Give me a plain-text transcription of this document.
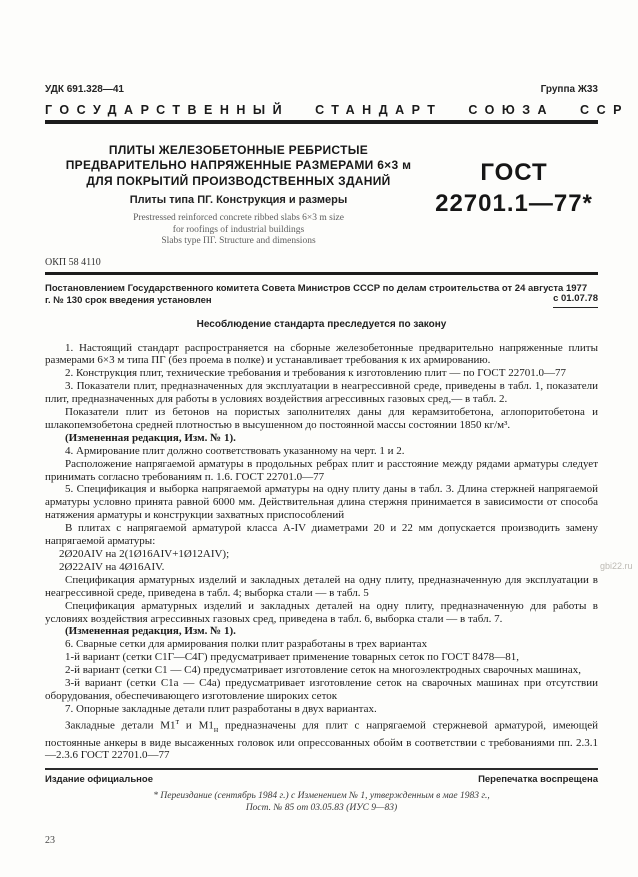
УДК 691.328—41	Группа Ж33
ГОСУДАРСТВЕННЫЙ СТАНДАРТ СОЮЗА ССР
ПЛИТЫ ЖЕЛЕЗОБЕТОННЫЕ РЕБРИСТЫЕ
ПРЕДВАРИТЕЛЬНО НАПРЯЖЕННЫЕ РАЗМЕРАМИ 6×3 м
ДЛЯ ПОКРЫТИЙ ПРОИЗВОДСТВЕННЫХ ЗДАНИЙ
Плиты типа ПГ. Конструкция и размеры
Prestressed reinforced concrete ribbed slabs 6×3 m size
for roofings of industrial buildings
Slabs type ПГ. Structure and dimensions
ГОСТ
22701.1—77*
ОКП 58 4110
Постановлением Государственного комитета Совета Министров СССР по делам строительства от 24 августа 1977 г. № 130 срок введения установлен	с 01.07.78
Несоблюдение стандарта преследуется по закону

1. Настоящий стандарт распространяется на сборные железобетонные предварительно напряженные плиты размерами 6×3 м типа ПГ (без проема в полке) и устанавливает требования к их армированию.

2. Конструкция плит, технические требования и требования к изготовлению плит — по ГОСТ 22701.0—77

3. Показатели плит, предназначенных для эксплуатации в неагрессивной среде, приведены в табл. 1, показатели плит, предназначенных для работы в условиях воздействия агрессивных газовых сред,— в табл. 2.

Показатели плит из бетонов на пористых заполнителях даны для керамзитобетона, аглопоритобетона и шлакопемзобетона средней плотностью в высушенном до постоянной массы состоянии 1850 кг/м³.

(Измененная редакция, Изм. № 1).

4. Армирование плит должно соответствовать указанному на черт. 1 и 2.

Расположение напрягаемой арматуры в продольных ребрах плит и расстояние между рядами арматуры следует принимать согласно требованиям п. 1.6. ГОСТ 22701.0—77

5. Спецификация и выборка напрягаемой арматуры на одну плиту даны в табл. 3. Длина стержней напрягаемой арматуры условно принята равной 6000 мм. Действительная длина стержня принимается в зависимости от способа натяжения арматуры и конструкции захватных приспособлений

В плитах с напрягаемой арматурой класса А-IV диаметрами 20 и 22 мм допускается производить замену напрягаемой арматуры:

2Ø20АIV на 2(1Ø16АIV+1Ø12АIV);

2Ø22АIV на 4Ø16АIV.

Спецификация арматурных изделий и закладных деталей на одну плиту, предназначенную для эксплуатации в неагрессивной среде, приведена в табл. 4; выборка стали — в табл. 5

Спецификация арматурных изделий и закладных деталей на одну плиту, предназначенную для работы в условиях воздействия агрессивных газовых сред, приведена в табл. 6, выборка стали — в табл. 7.

(Измененная редакция, Изм. № 1).

6. Сварные сетки для армирования полки плит разработаны в трех вариантах

1-й вариант (сетки С1Г—С4Г) предусматривает применение товарных сеток по ГОСТ 8478—81,

2-й вариант (сетки С1 — С4) предусматривает изготовление сеток на многоэлектродных сварочных машинах,

3-й вариант (сетки С1а — С4а) предусматривает изготовление сеток на сварочных машинах при отсутствии оборудования, обеспечивающего изготовление широких сеток

7. Опорные закладные детали плит разработаны в двух вариантах.

Закладные детали $М1^т$ и $М1_н$ предназначены для плит с напрягаемой стержневой арматурой, имеющей постоянные анкеры в виде высаженных головок или опрессованных обойм в соответствии с требованиями пп. 2.3.1—2.3.6 ГОСТ 22701.0—77

Издание официальное	Перепечатка воспрещена
* Переиздание (сентябрь 1984 г.) с Изменением № 1, утвержденным в мае 1983 г.,
Пост. № 85 от 03.05.83 (ИУС 9—83)
23
gbi22.ru
